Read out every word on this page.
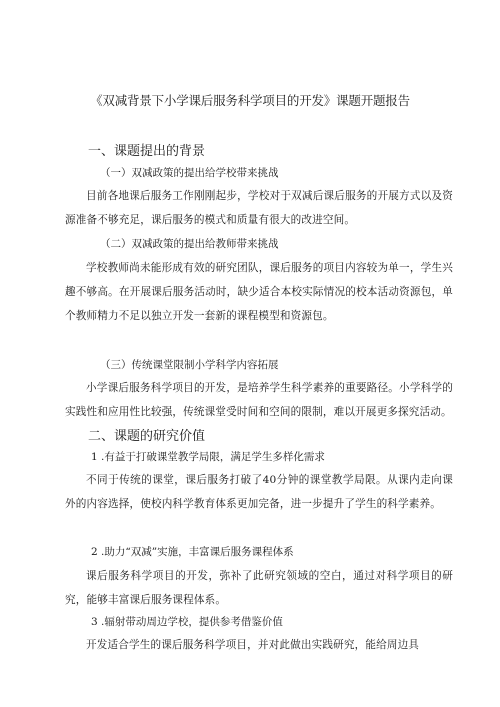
《双减背景下小学课后服务科学项目的开发》课题开题报告
一、课题提出的背景
（一）双减政策的提出给学校带来挑战
目前各地课后服务工作刚刚起步，学校对于双减后课后服务的开展方式以及资源准备不够充足，课后服务的模式和质量有很大的改进空间。
（二）双减政策的提出给教师带来挑战
学校教师尚未能形成有效的研究团队，课后服务的项目内容较为单一，学生兴趣不够高。在开展课后服务活动时，缺少适合本校实际情况的校本活动资源包，单个教师精力不足以独立开发一套新的课程模型和资源包。
（三）传统课堂限制小学科学内容拓展
小学课后服务科学项目的开发，是培养学生科学素养的重要路径。小学科学的实践性和应用性比较强，传统课堂受时间和空间的限制，难以开展更多探究活动。
二、课题的研究价值
1 .有益于打破课堂教学局限，满足学生多样化需求
不同于传统的课堂，课后服务打破了40分钟的课堂教学局限。从课内走向课外的内容选择，使校内科学教育体系更加完备，进一步提升了学生的科学素养。
2 .助力“双减”实施，丰富课后服务课程体系
课后服务科学项目的开发，弥补了此研究领域的空白，通过对科学项目的研究，能够丰富课后服务课程体系。
3 .辐射带动周边学校，提供参考借鉴价值
开发适合学生的课后服务科学项目，并对此做出实践研究，能给周边具
